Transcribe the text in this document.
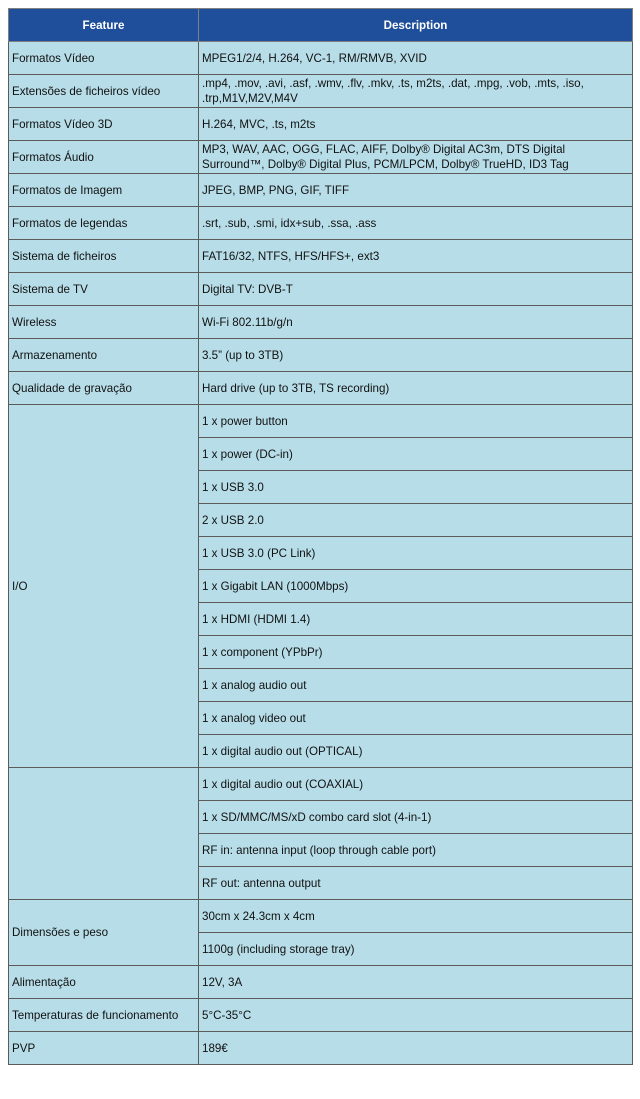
Feature	Description
Formatos Vídeo	MPEG1/2/4, H.264, VC-1, RM/RMVB, XVID
Extensões de ficheiros vídeo	.mp4, .mov, .avi, .asf, .wmv, .flv, .mkv, .ts, m2ts, .dat, .mpg, .vob, .mts, .iso, .trp,M1V,M2V,M4V
Formatos Vídeo 3D	H.264, MVC, .ts, m2ts
Formatos Áudio	MP3, WAV, AAC, OGG, FLAC, AIFF, Dolby® Digital AC3m, DTS Digital Surround™, Dolby® Digital Plus, PCM/LPCM, Dolby® TrueHD, ID3 Tag
Formatos de Imagem	JPEG, BMP, PNG, GIF, TIFF
Formatos de legendas	.srt, .sub, .smi, idx+sub, .ssa, .ass
Sistema de ficheiros	FAT16/32, NTFS, HFS/HFS+, ext3
Sistema de TV	Digital TV: DVB-T
Wireless	Wi-Fi 802.11b/g/n
Armazenamento	3.5” (up to 3TB)
Qualidade de gravação	Hard drive (up to 3TB, TS recording)
I/O	1 x power button
	1 x power (DC-in)
	1 x USB 3.0
	2 x USB 2.0
	1 x USB 3.0 (PC Link)
	1 x Gigabit LAN (1000Mbps)
	1 x HDMI (HDMI 1.4)
	1 x component (YPbPr)
	1 x analog audio out
	1 x analog video out
	1 x digital audio out (OPTICAL)
	1 x digital audio out (COAXIAL)
	1 x SD/MMC/MS/xD combo card slot (4-in-1)
	RF in: antenna input (loop through cable port)
	RF out: antenna output
Dimensões e peso	30cm x 24.3cm x 4cm
	1100g (including storage tray)
Alimentação	12V, 3A
Temperaturas de funcionamento	5°C-35°C
PVP	189€
